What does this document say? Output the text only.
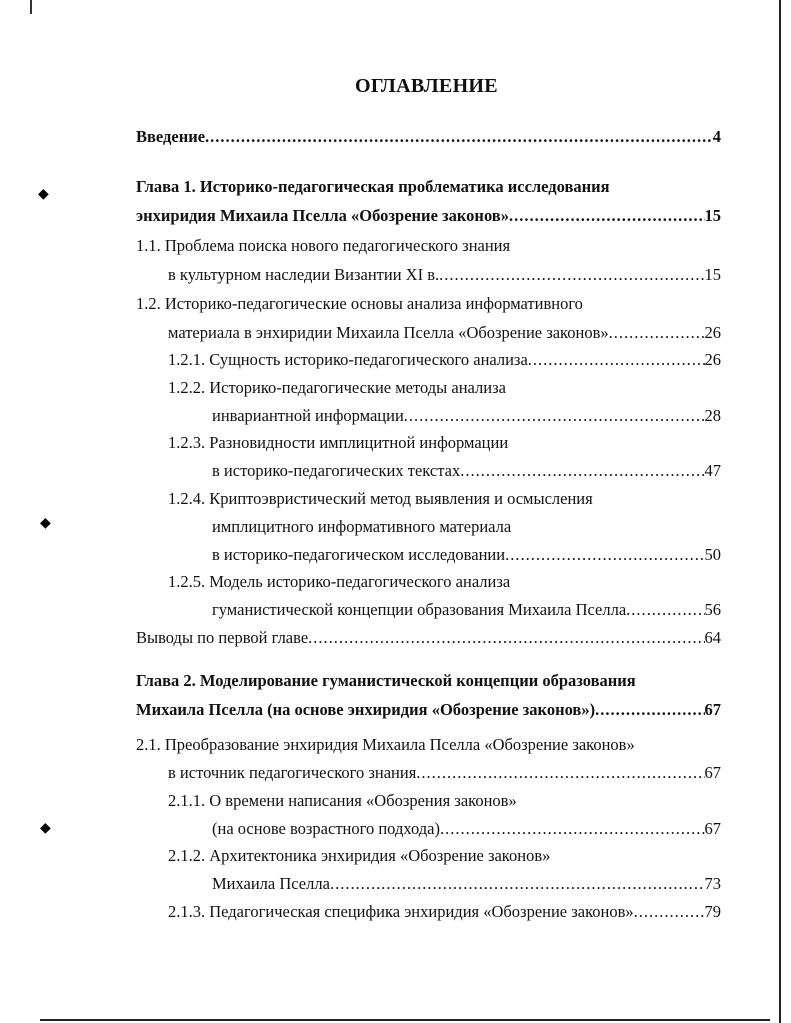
◆
◆
◆
ОГЛАВЛЕНИЕ
Введение .....	4
Глава 1. Историко-педагогическая проблематика исследования
энхиридия Михаила Пселла «Обозрение законов» .....	15
1.1. Проблема поиска нового педагогического знания
в культурном наследии Византии XI в. .....	15
1.2. Историко-педагогические основы анализа информативного
материала в энхиридии Михаила Пселла «Обозрение законов» .....	26
1.2.1. Сущность историко-педагогического анализа .....	26
1.2.2. Историко-педагогические методы анализа
инвариантной информации .....	28
1.2.3. Разновидности имплицитной информации
в историко-педагогических текстах .....	47
1.2.4. Криптоэвристический метод выявления и осмысления
имплицитного информативного материала
в историко-педагогическом исследовании .....	50
1.2.5. Модель историко-педагогического анализа
гуманистической концепции образования Михаила Пселла .....	56
Выводы по первой главе .....	64
Глава 2. Моделирование гуманистической концепции образования
Михаила Пселла (на основе энхиридия «Обозрение законов») .....	67
2.1. Преобразование энхиридия Михаила Пселла «Обозрение законов»
в источник педагогического знания .....	67
2.1.1. О времени написания «Обозрения законов»
(на основе возрастного подхода) .....	67
2.1.2. Архитектоника энхиридия «Обозрение законов»
Михаила Пселла .....	73
2.1.3. Педагогическая специфика энхиридия «Обозрение законов» .....	79
